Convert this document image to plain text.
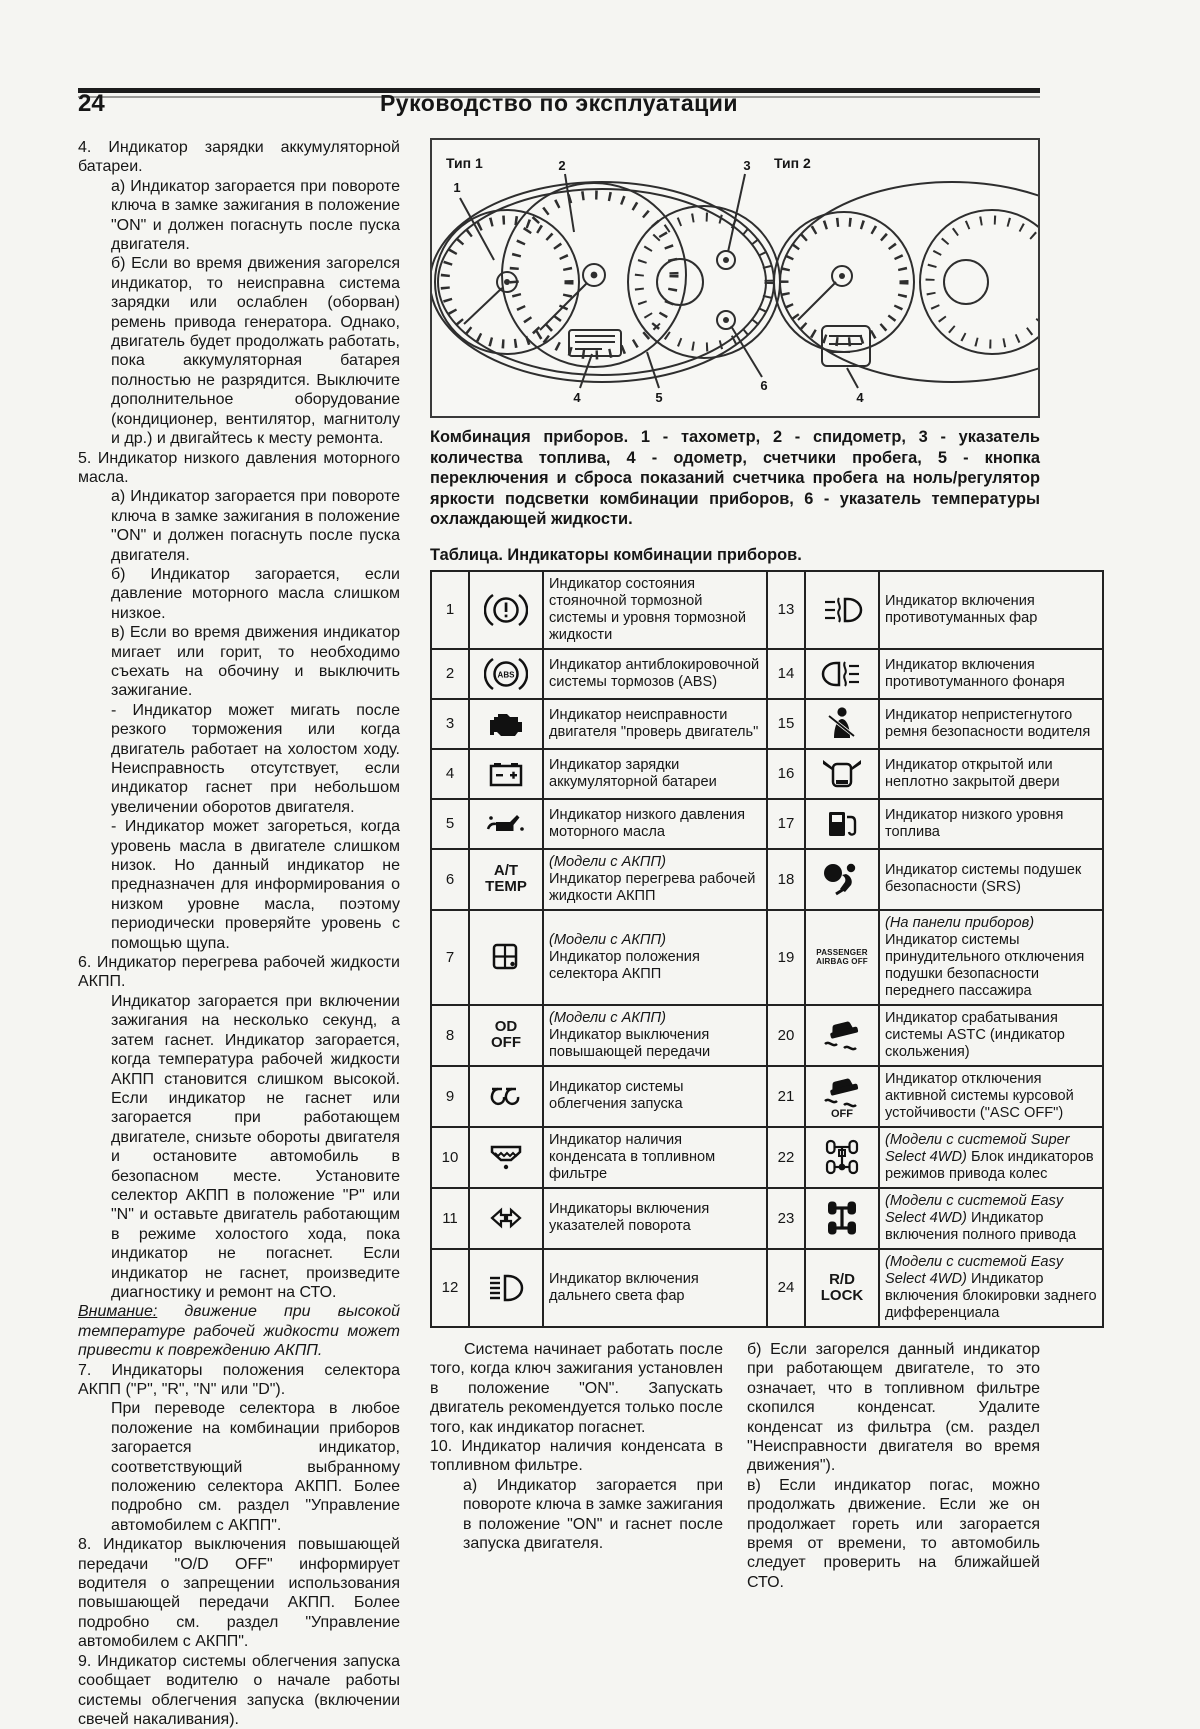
24	Руководство по эксплуатации

4. Индикатор зарядки аккумуляторной батареи.

а) Индикатор загорается при повороте ключа в замке зажигания в положение "ON" и должен погаснуть после пуска двигателя.

б) Если во время движения загорелся индикатор, то неисправна система зарядки или ослаблен (оборван) ремень привода генератора. Однако, двигатель будет продолжать работать, пока аккумуляторная батарея полностью не разрядится. Выключите дополнительное оборудование (кондиционер, вентилятор, магнитолу и др.) и двигайтесь к месту ремонта.

5. Индикатор низкого давления моторного масла.

а) Индикатор загорается при повороте ключа в замке зажигания в положение "ON" и должен погаснуть после пуска двигателя.

б) Индикатор загорается, если давление моторного масла слишком низкое.

в) Если во время движения индикатор мигает или горит, то необходимо съехать на обочину и выключить зажигание.

- Индикатор может мигать после резкого торможения или когда двигатель работает на холостом ходу. Неисправность отсутствует, если индикатор гаснет при небольшом увеличении оборотов двигателя.

- Индикатор может загореться, когда уровень масла в двигателе слишком низок. Но данный индикатор не предназначен для информирования о низком уровне масла, поэтому периодически проверяйте уровень с помощью щупа.

6. Индикатор перегрева рабочей жидкости АКПП.

Индикатор загорается при включении зажигания на несколько секунд, а затем гаснет. Индикатор загорается, когда температура рабочей жидкости АКПП становится слишком высокой. Если индикатор не гаснет или загорается при работающем двигателе, снизьте обороты двигателя и остановите автомобиль в безопасном месте. Установите селектор АКПП в положение "P" или "N" и оставьте двигатель работающим в режиме холостого хода, пока индикатор не погаснет. Если индикатор не гаснет, произведите диагностику и ремонт на СТО.

Внимание: движение при высокой температуре рабочей жидкости может привести к повреждению АКПП.

7. Индикаторы положения селектора АКПП ("P", "R", "N" или "D").

При переводе селектора в любое положение на комбинации приборов загорается индикатор, соответствующий выбранному положению селектора АКПП. Более подробно см. раздел "Управление автомобилем с АКПП".

8. Индикатор выключения повышающей передачи "O/D OFF" информирует водителя о запрещении использования повышающей передачи АКПП. Более подробно см. раздел "Управление автомобилем с АКПП".

9. Индикатор системы облегчения запуска сообщает водителю о начале работы системы облегчения запуска (включении свечей накаливания).

1
2	3
4	5
6
4
Тип 1	Тип 2

Комбинация приборов. 1 - тахометр, 2 - спидометр, 3 - указатель количества топлива, 4 - одометр, счетчики пробега, 5 - кнопка переключения и сброса показаний счетчика пробега на ноль/регулятор яркости подсветки комбинации приборов, 6 - указатель температуры охлаждающей жидкости.

Таблица. Индикаторы комбинации приборов.

1		Индикатор состояния стояночной тормозной системы и уровня тормозной жидкости	13		Индикатор включения противотуманных фар
2	ABS	Индикатор антиблокировочной системы тормозов (ABS)	14		Индикатор включения противотуманного фонаря
3		Индикатор неисправности двигателя "проверь двигатель"	15		Индикатор непристегнутого ремня безопасности водителя
4		Индикатор зарядки аккумуляторной батареи	16		Индикатор открытой или неплотно закрытой двери
5		Индикатор низкого давления моторного масла	17		Индикатор низкого уровня топлива
6	A/T
TEMP	(Модели с АКПП)
Индикатор перегрева рабочей жидкости АКПП	18		Индикатор системы подушек безопасности (SRS)
7		(Модели с АКПП)
Индикатор положения селектора АКПП	19	PASSENGER
AIRBAG OFF	(На панели приборов)
Индикатор системы принудительного отключения подушки безопасности переднего пассажира
8	OD
OFF	(Модели с АКПП)
Индикатор выключения повышающей передачи	20		Индикатор срабатывания системы ASTC (индикатор скольжения)
9		Индикатор системы облегчения запуска	21	OFF	Индикатор отключения активной системы курсовой устойчивости ("ASC OFF")
10		Индикатор наличия конденсата в топливном фильтре	22		(Модели с системой Super Select 4WD) Блок индикаторов режимов привода колес
11		Индикаторы включения указателей поворота	23		(Модели с системой Easy Select 4WD) Индикатор включения полного привода
12		Индикатор включения дальнего света фар	24	R/D
LOCK	(Модели с системой Easy Select 4WD) Индикатор включения блокировки заднего дифференциала

Система начинает работать после того, когда ключ зажигания установлен в положение "ON". Запускать двигатель рекомендуется только после того, как индикатор погаснет.

10. Индикатор наличия конденсата в топливном фильтре.

а) Индикатор загорается при повороте ключа в замке зажигания в положение "ON" и гаснет после запуска двигателя.

б) Если загорелся данный индикатор при работающем двигателе, то это означает, что в топливном фильтре скопился конденсат. Удалите конденсат из фильтра (см. раздел "Неисправности двигателя во время движения").

в) Если индикатор погас, можно продолжать движение. Если же он продолжает гореть или загорается время от времени, то автомобиль следует проверить на ближайшей СТО.
